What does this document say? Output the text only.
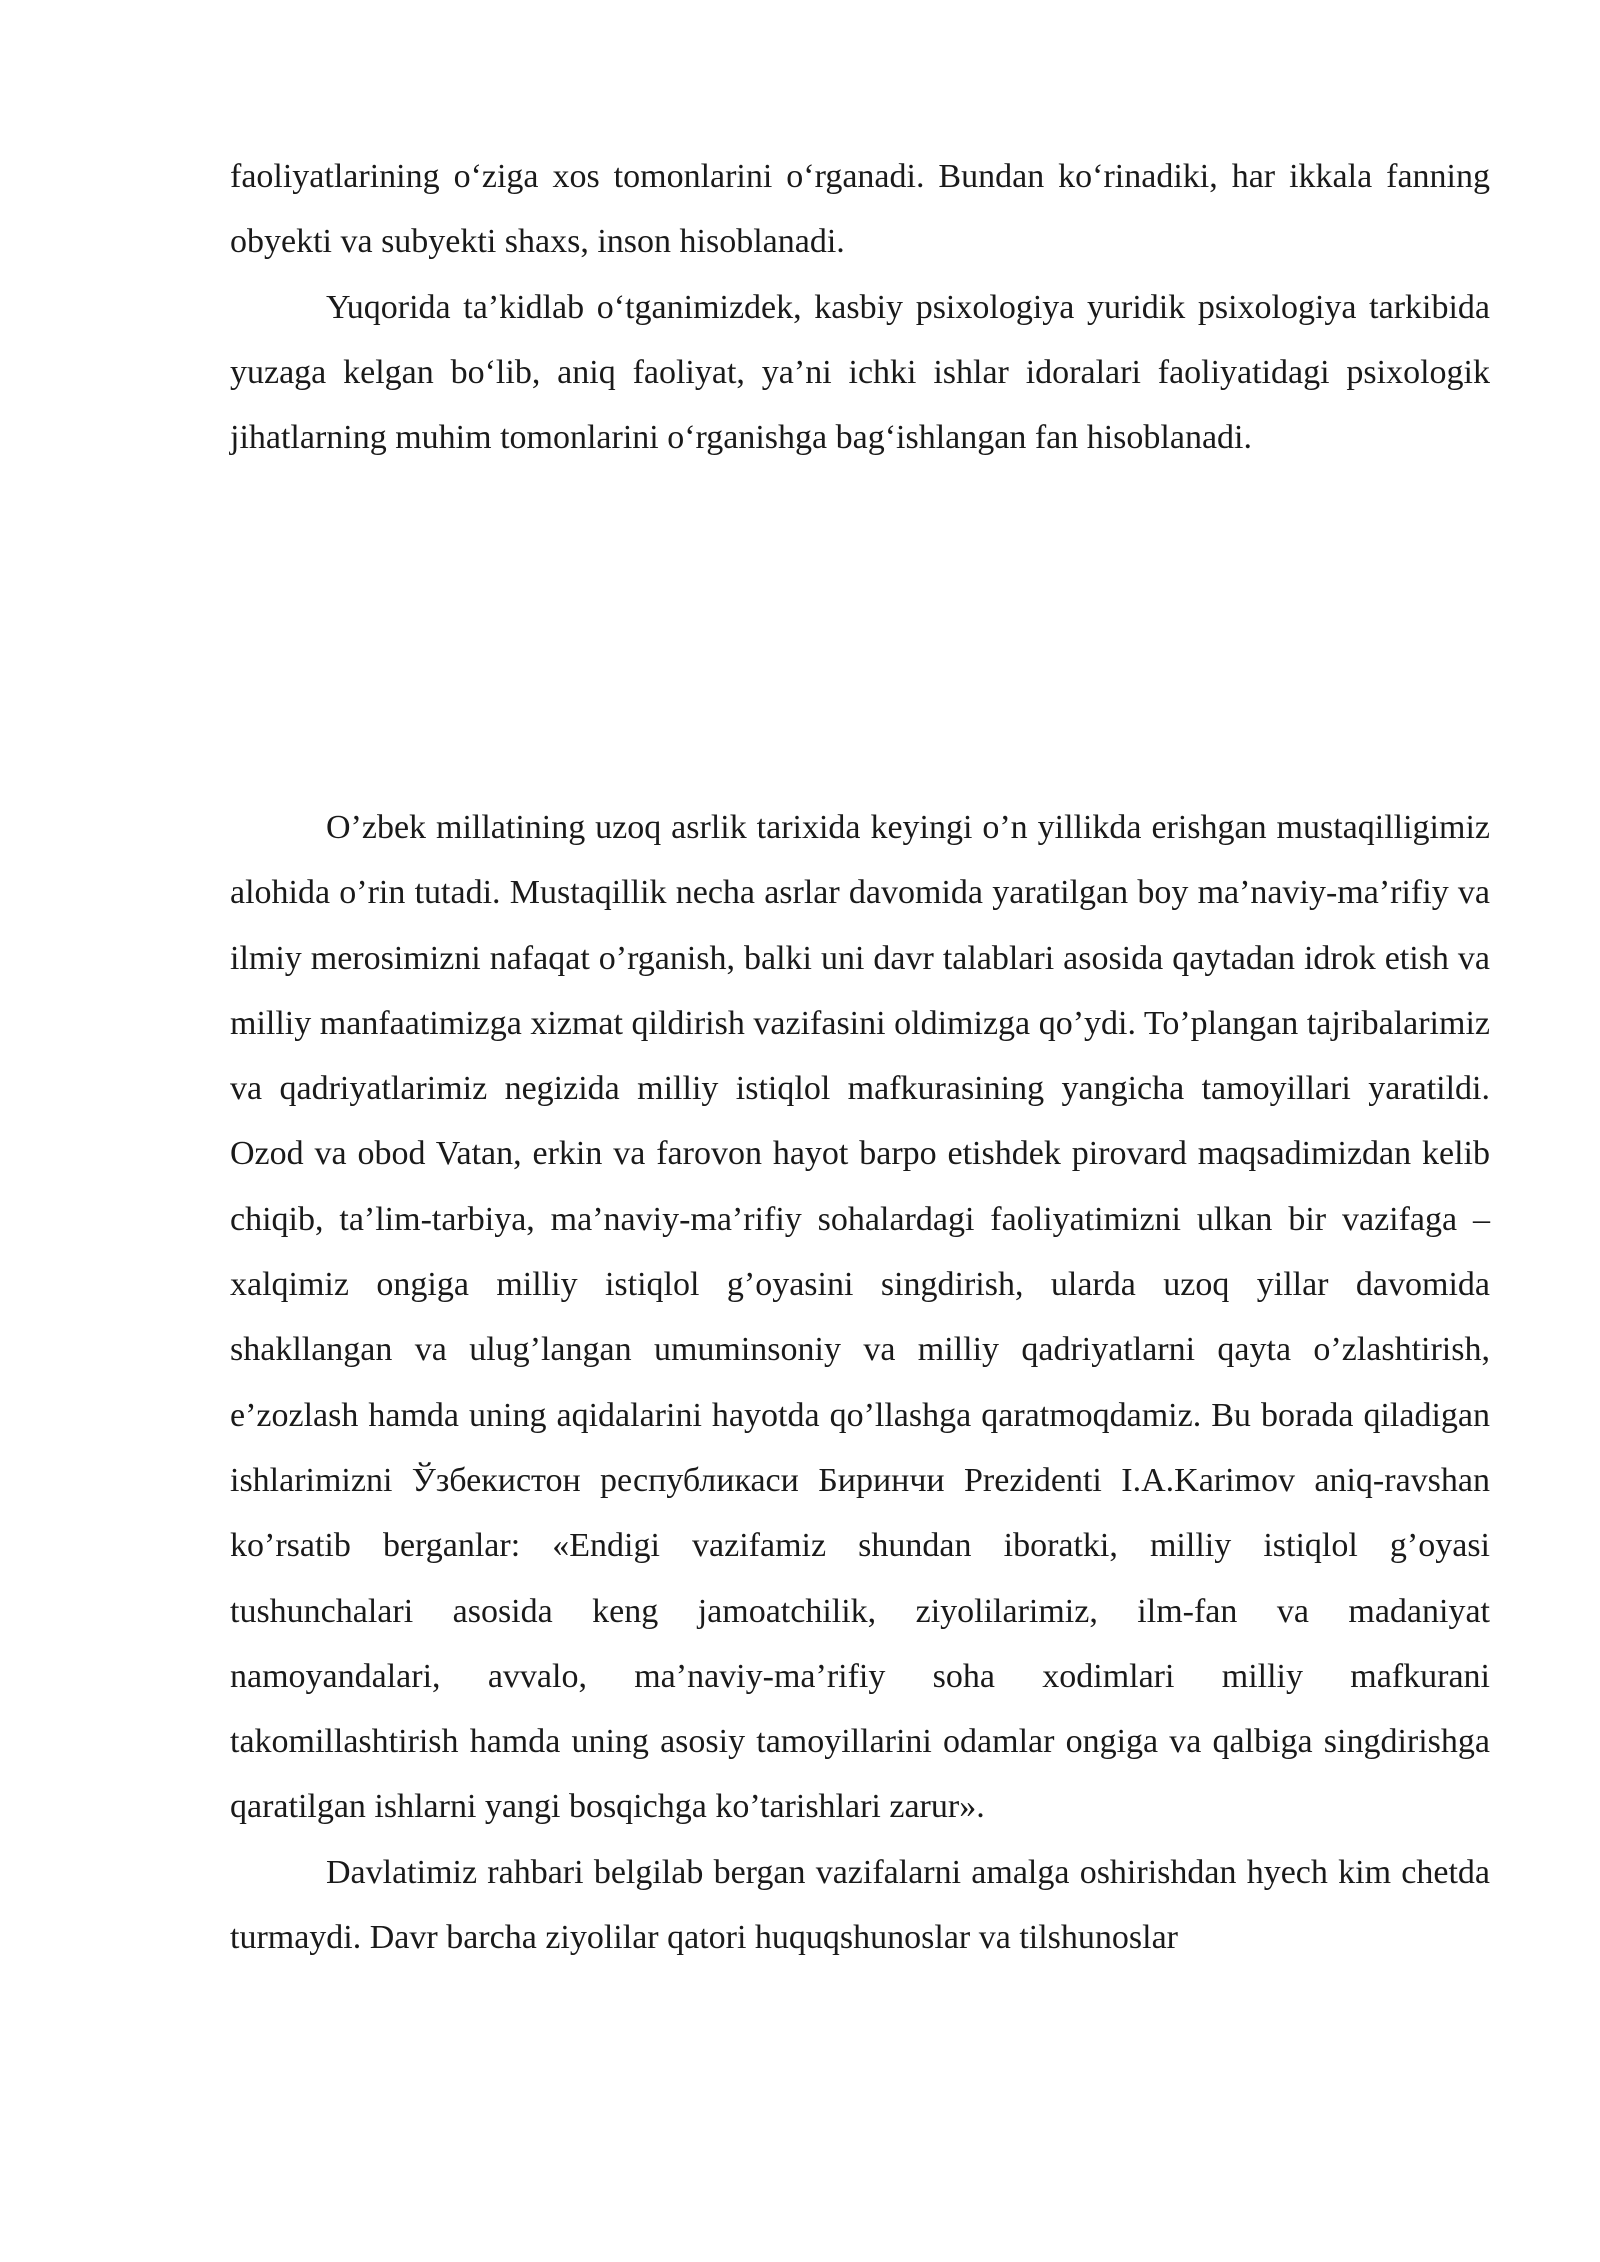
faoliyatlarining o‘ziga xos tomonlarini o‘rganadi. Bundan ko‘rinadiki, har ikkala fanning obyekti va subyekti shaxs, inson hisoblanadi.

Yuqorida ta’kidlab o‘tganimizdek, kasbiy psixologiya yuridik psixologiya tarkibida yuzaga kelgan bo‘lib, aniq faoliyat, ya’ni ichki ishlar idoralari faoliyatidagi psixologik jihatlarning muhim tomonlarini o‘rganishga bag‘ishlangan fan hisoblanadi.

O’zbek millatining uzoq asrlik tarixida keyingi o’n yillikda erishgan mustaqilligimiz alohida o’rin tutadi. Mustaqillik necha asrlar davomida yaratilgan boy ma’naviy-ma’rifiy va ilmiy merosimizni nafaqat o’rganish, balki uni davr talablari asosida qaytadan idrok etish va milliy manfaatimizga xizmat qildirish vazifasini oldimizga qo’ydi. To’plangan tajribalarimiz va qadriyatlarimiz negizida milliy istiqlol mafkurasining yangicha tamoyillari yaratildi. Ozod va obod Vatan, erkin va farovon hayot barpo etishdek pirovard maqsadimizdan kelib chiqib, ta’lim-tarbiya, ma’naviy-ma’rifiy sohalardagi faoliyatimizni ulkan bir vazifaga – xalqimiz ongiga milliy istiqlol g’oyasini singdirish, ularda uzoq yillar davomida shakllangan va ulug’langan umuminsoniy va milliy qadriyatlarni qayta o’zlashtirish, e’zozlash hamda uning aqidalarini hayotda qo’llashga qaratmoqdamiz. Bu borada qiladigan ishlarimizni Ўзбекистон республикаси Биринчи Prezidenti I.A.Karimov aniq-ravshan ko’rsatib berganlar: «Endigi vazifamiz shundan iboratki, milliy istiqlol g’oyasi tushunchalari asosida keng jamoatchilik, ziyolilarimiz, ilm-fan va madaniyat namoyandalari, avvalo, ma’naviy-ma’rifiy soha xodimlari milliy mafkurani takomillashtirish hamda uning asosiy tamoyillarini odamlar ongiga va qalbiga singdirishga qaratilgan ishlarni yangi bosqichga ko’tarishlari zarur».

Davlatimiz rahbari belgilab bergan vazifalarni amalga oshirishdan hyech kim chetda turmaydi. Davr barcha ziyolilar qatori huquqshunoslar va tilshunoslar
